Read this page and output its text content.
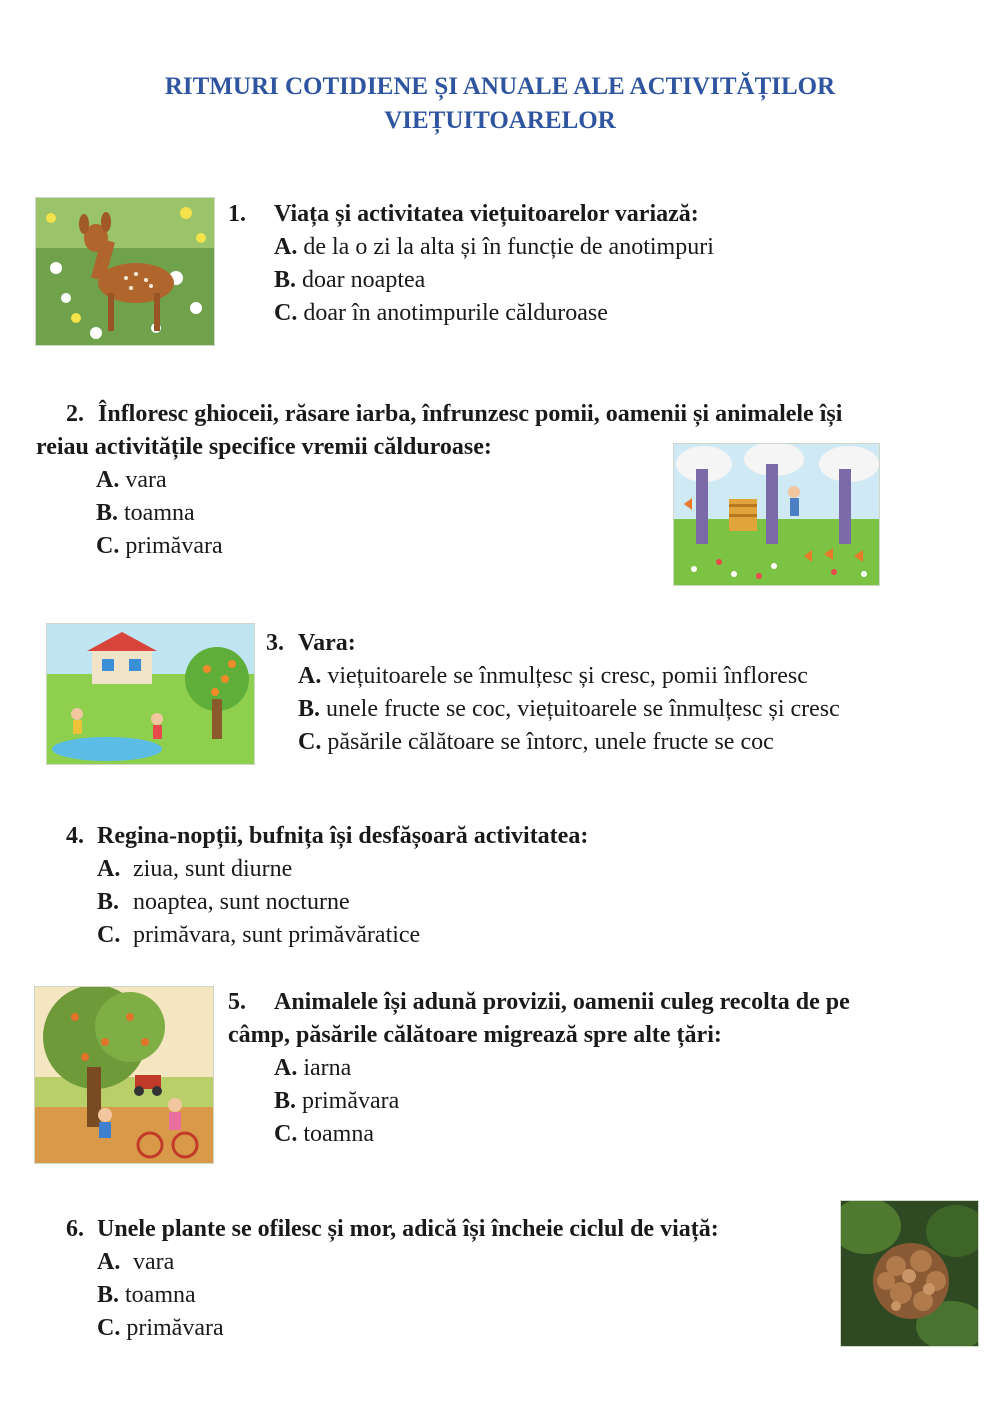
RITMURI COTIDIENE ȘI ANUALE ALE ACTIVITĂȚILOR
VIEȚUITOARELOR
1. Viața și activitatea viețuitoarelor variază:
A. de la o zi la alta și în funcție de anotimpuri
B. doar noaptea
C. doar în anotimpurile călduroase
2. Înfloresc ghioceii, răsare iarba, înfrunzesc pomii, oamenii și animalele își
reiau activitățile specifice vremii călduroase:
A. vara
B. toamna
C. primăvara
3. Vara:
A. viețuitoarele se înmulțesc și cresc, pomii înfloresc
B. unele fructe se coc, viețuitoarele se înmulțesc și cresc
C. păsările călătoare se întorc, unele fructe se coc
4. Regina-nopții, bufnița își desfășoară activitatea:
A. ziua, sunt diurne
B. noaptea, sunt nocturne
C. primăvara, sunt primăvăratice
5. Animalele își adună provizii, oamenii culeg recolta de pe
câmp, păsările călătoare migrează spre alte țări:
A. iarna
B. primăvara
C. toamna
6. Unele plante se ofilesc și mor, adică își încheie ciclul de viață:
A. vara
B. toamna
C. primăvara
